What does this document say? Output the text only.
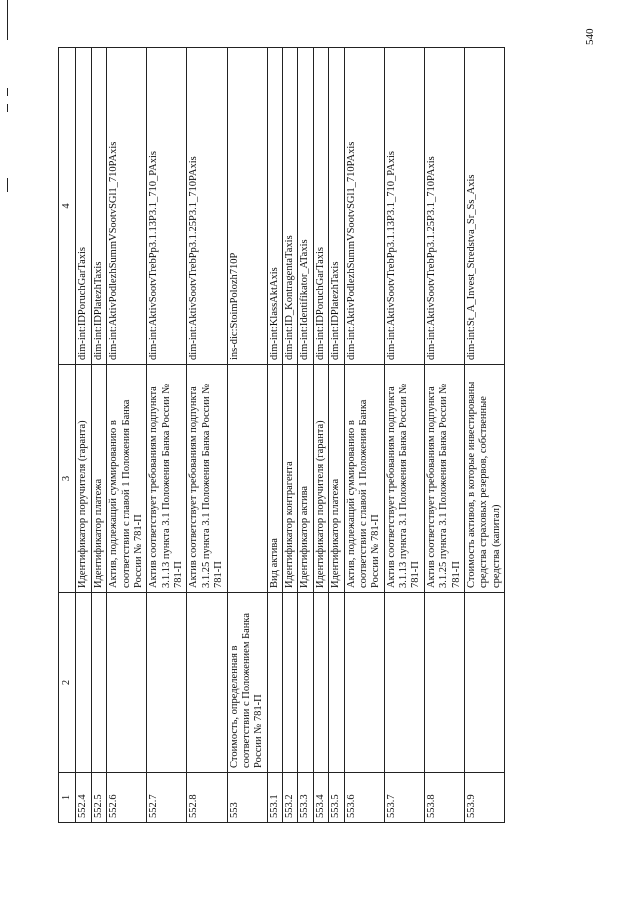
1	2	3	4
552.4		Идентификатор поручителя (гаранта)	dim-int:IDPoruchGarTaxis
552.5		Идентификатор платежа	dim-int:IDPlatezhTaxis
552.6		Актив, подлежащий суммированию в соответствии с главой 1 Положения Банка России № 781-П	dim-int:AktivPodlezhSummVSootvSGl1_710PAxis
552.7		Актив соответствует требованиям подпункта 3.1.13 пункта 3.1 Положения Банка России № 781-П	dim-int:AktivSootvTrebPp3.1.13P3.1_710_PAxis
552.8		Актив соответствует требованиям подпункта 3.1.25 пункта 3.1 Положения Банка России № 781-П	dim-int:AktivSootvTrebPp3.1.25P3.1_710PAxis
553	Стоимость, определенная в соответствии с Положением Банка России № 781-П		ins-dic:StoimPolozh710P
553.1		Вид актива	dim-int:KlassAktAxis
553.2		Идентификатор контрагента	dim-int:ID_KontragentaTaxis
553.3		Идентификатор актива	dim-int:Identifikator_ATaxis
553.4		Идентификатор поручителя (гаранта)	dim-int:IDPoruchGarTaxis
553.5		Идентификатор платежа	dim-int:IDPlatezhTaxis
553.6		Актив, подлежащий суммированию в соответствии с главой 1 Положения Банка России № 781-П	dim-int:AktivPodlezhSummVSootvSGl1_710PAxis
553.7		Актив соответствует требованиям подпункта 3.1.13 пункта 3.1 Положения Банка России № 781-П	dim-int:AktivSootvTrebPp3.1.13P3.1_710_PAxis
553.8		Актив соответствует требованиям подпункта 3.1.25 пункта 3.1 Положения Банка России № 781-П	dim-int:AktivSootvTrebPp3.1.25P3.1_710PAxis
553.9		Стоимость активов, в которые инвестированы средства страховых резервов, собственные средства (капитал)	dim-int:St_A_Invest_Stredstva_Sr_Ss_Axis
540
